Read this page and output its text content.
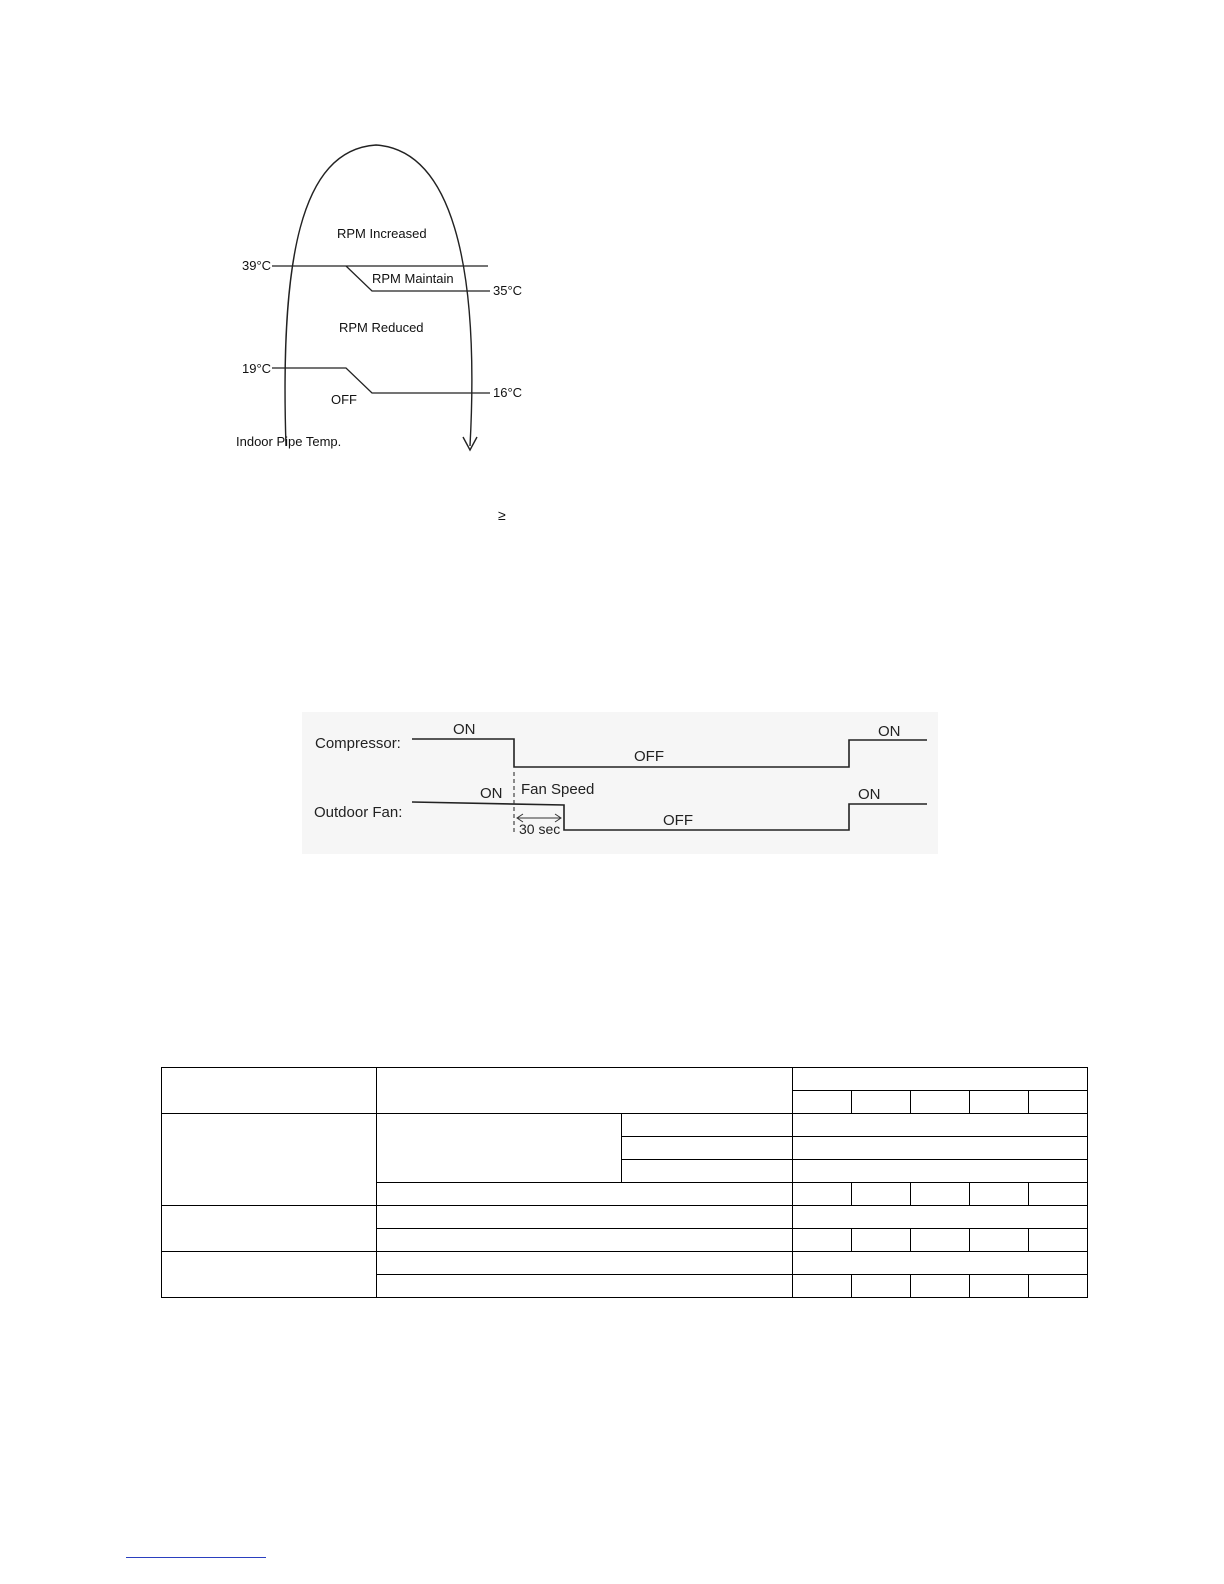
RPM Increased
RPM Maintain
RPM Reduced
OFF
39°C
35°C
19°C
16°C
Indoor Pipe Temp.
≥
Compressor:
Outdoor Fan:
ON
OFF
ON
Fan Speed
ON
30 sec	OFF
ON
